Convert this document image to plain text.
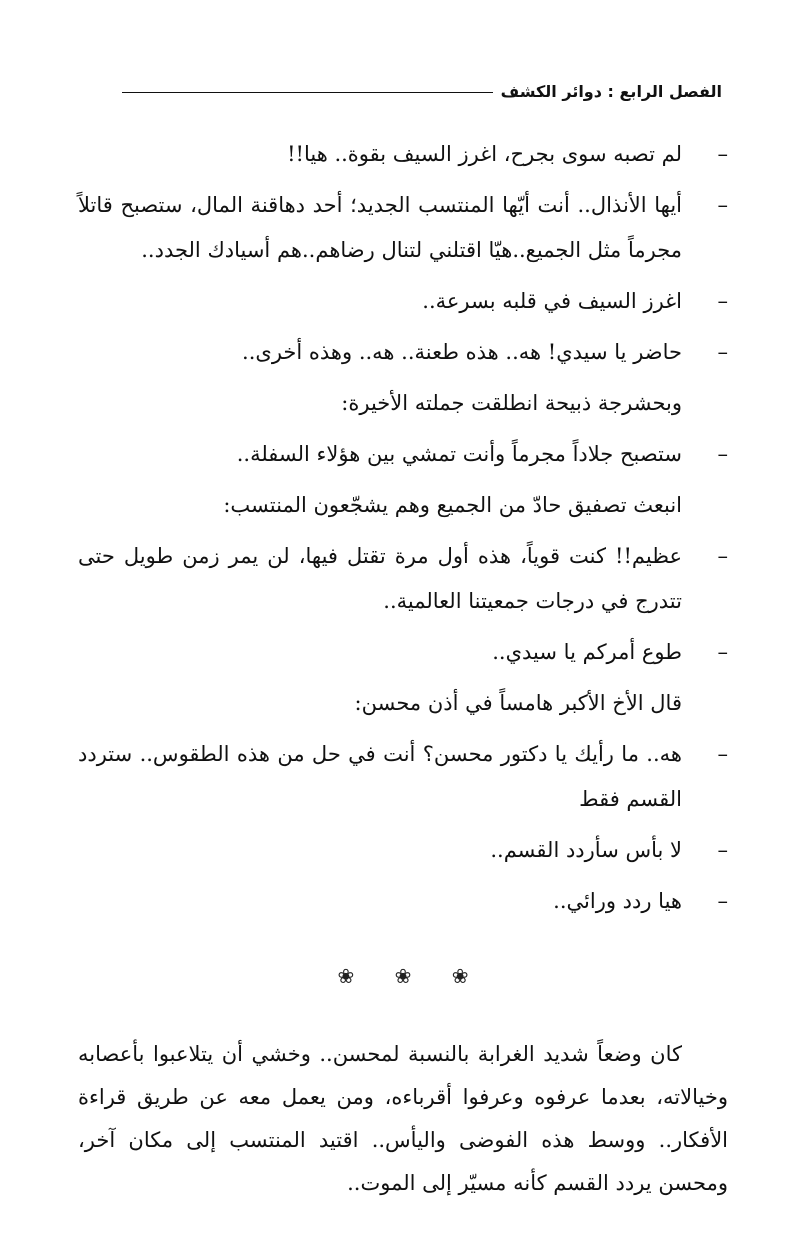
الفصل الرابع : دوائر الكشف

–
لم تصبه سوى بجرح، اغرز السيف بقوة.. هيا!!

–
أيها الأنذال.. أنت أيّها المنتسب الجديد؛ أحد دهاقنة المال، ستصبح قاتلاً مجرماً مثل الجميع..هيّا اقتلني لتنال رضاهم..هم أسيادك الجدد..

–
اغرز السيف في قلبه بسرعة..

–
حاضر يا سيدي! هه.. هذه طعنة.. هه.. وهذه أخرى..

وبحشرجة ذبيحة انطلقت جملته الأخيرة:

–
ستصبح جلاداً مجرماً وأنت تمشي بين هؤلاء السفلة..

انبعث تصفيق حادّ من الجميع وهم يشجّعون المنتسب:

–
عظيم!! كنت قوياً، هذه أول مرة تقتل فيها، لن يمر زمن طويل حتى تتدرج في درجات جمعيتنا العالمية..

–
طوع أمركم يا سيدي..

قال الأخ الأكبر هامساً في أذن محسن:

–
هه.. ما رأيك يا دكتور محسن؟ أنت في حل من هذه الطقوس.. ستردد القسم فقط

–
لا بأس سأردد القسم..

–
هيا ردد ورائي..

❀ ❀ ❀

كان وضعاً شديد الغرابة بالنسبة لمحسن.. وخشي أن يتلاعبوا بأعصابه وخيالاته، بعدما عرفوه وعرفوا أقرباءه، ومن يعمل معه عن طريق قراءة الأفكار.. ووسط هذه الفوضى واليأس.. اقتيد المنتسب إلى مكان آخر، ومحسن يردد القسم كأنه مسيّر إلى الموت..
